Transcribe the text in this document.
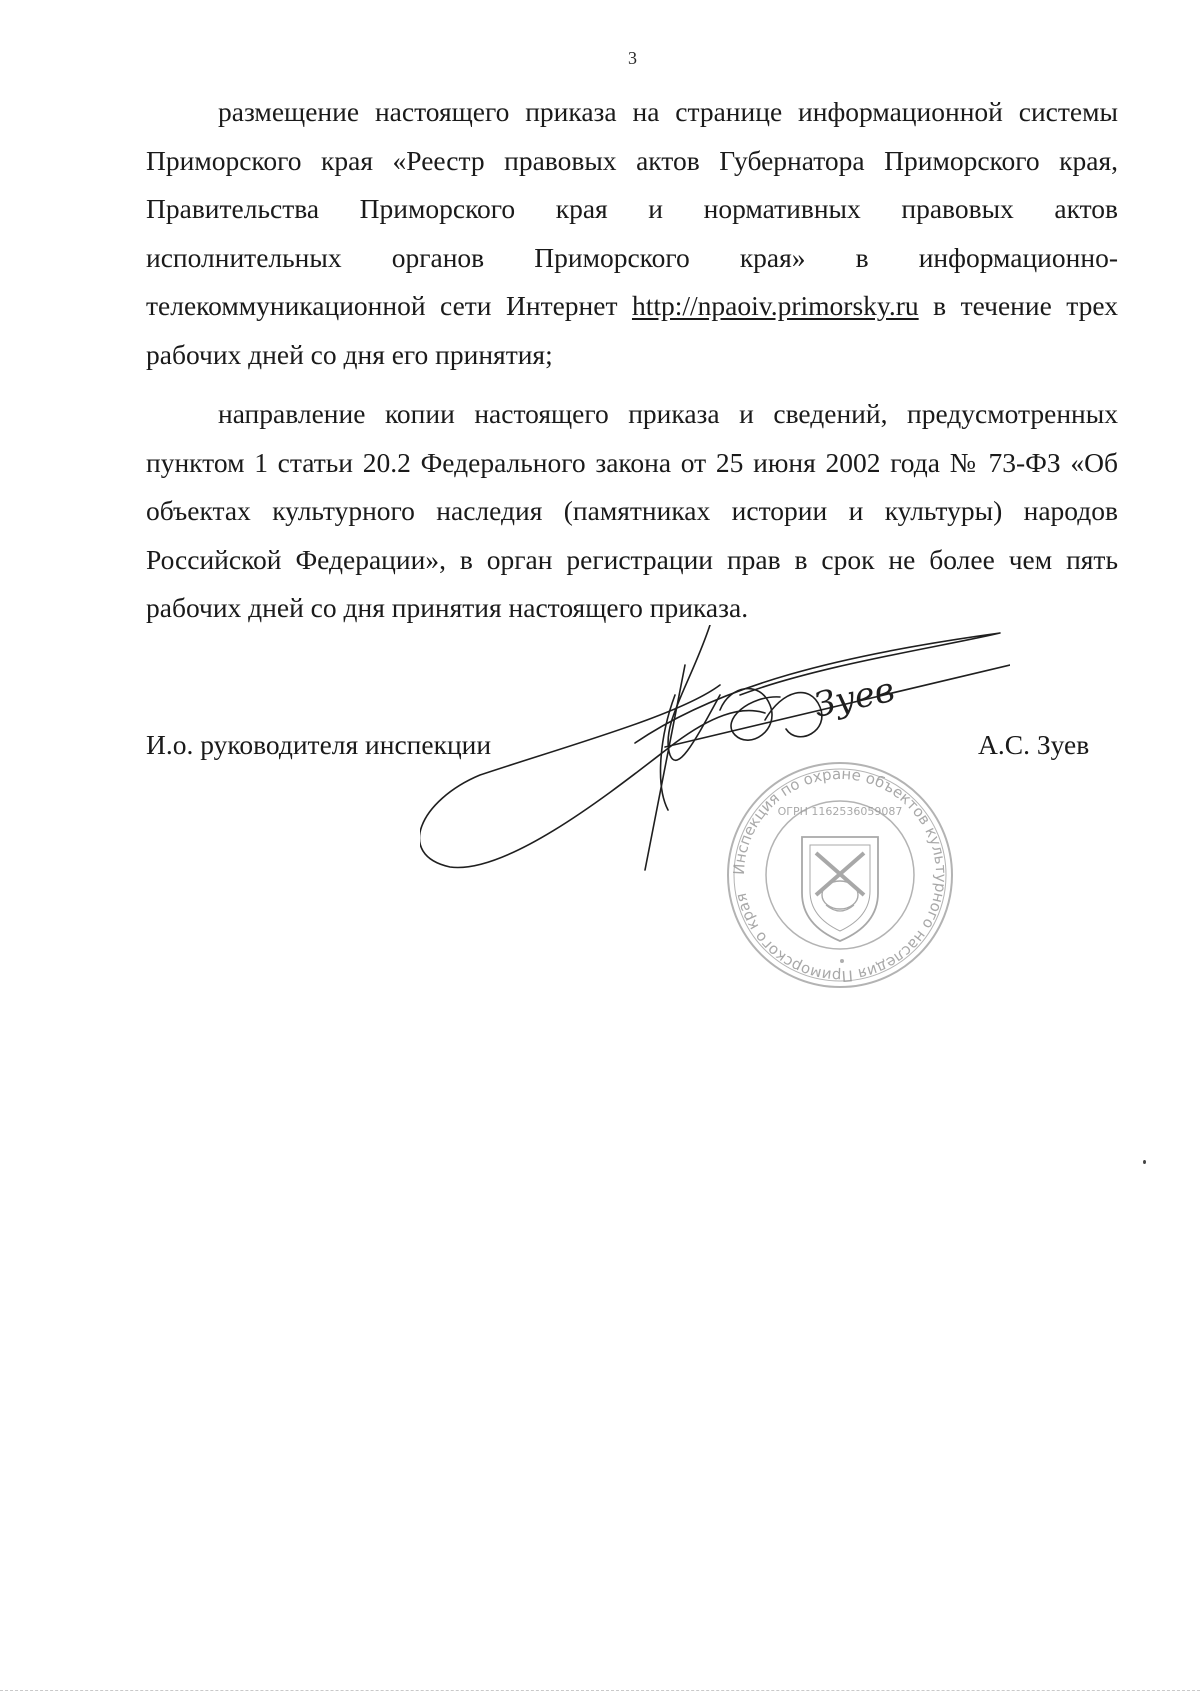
3

размещение настоящего приказа на странице информационной системы Приморского края «Реестр правовых актов Губернатора Приморского края, Правительства Приморского края и нормативных правовых актов исполнительных органов Приморского края» в информационно-телекоммуникационной сети Интернет http://npaoiv.primorsky.ru в течение трех рабочих дней со дня его принятия;

направление копии настоящего приказа и сведений, предусмотренных пунктом 1 статьи 20.2 Федерального закона от 25 июня 2002 года № 73-ФЗ «Об объектах культурного наследия (памятниках истории и культуры) народов Российской Федерации», в орган регистрации прав в срок не более чем пять рабочих дней со дня принятия настоящего приказа.

Инспекция по охране объектов культурного наследия Приморского края
ОГРН 1162536059087
Зуев
И.о. руководителя инспекции	А.С. Зуев
